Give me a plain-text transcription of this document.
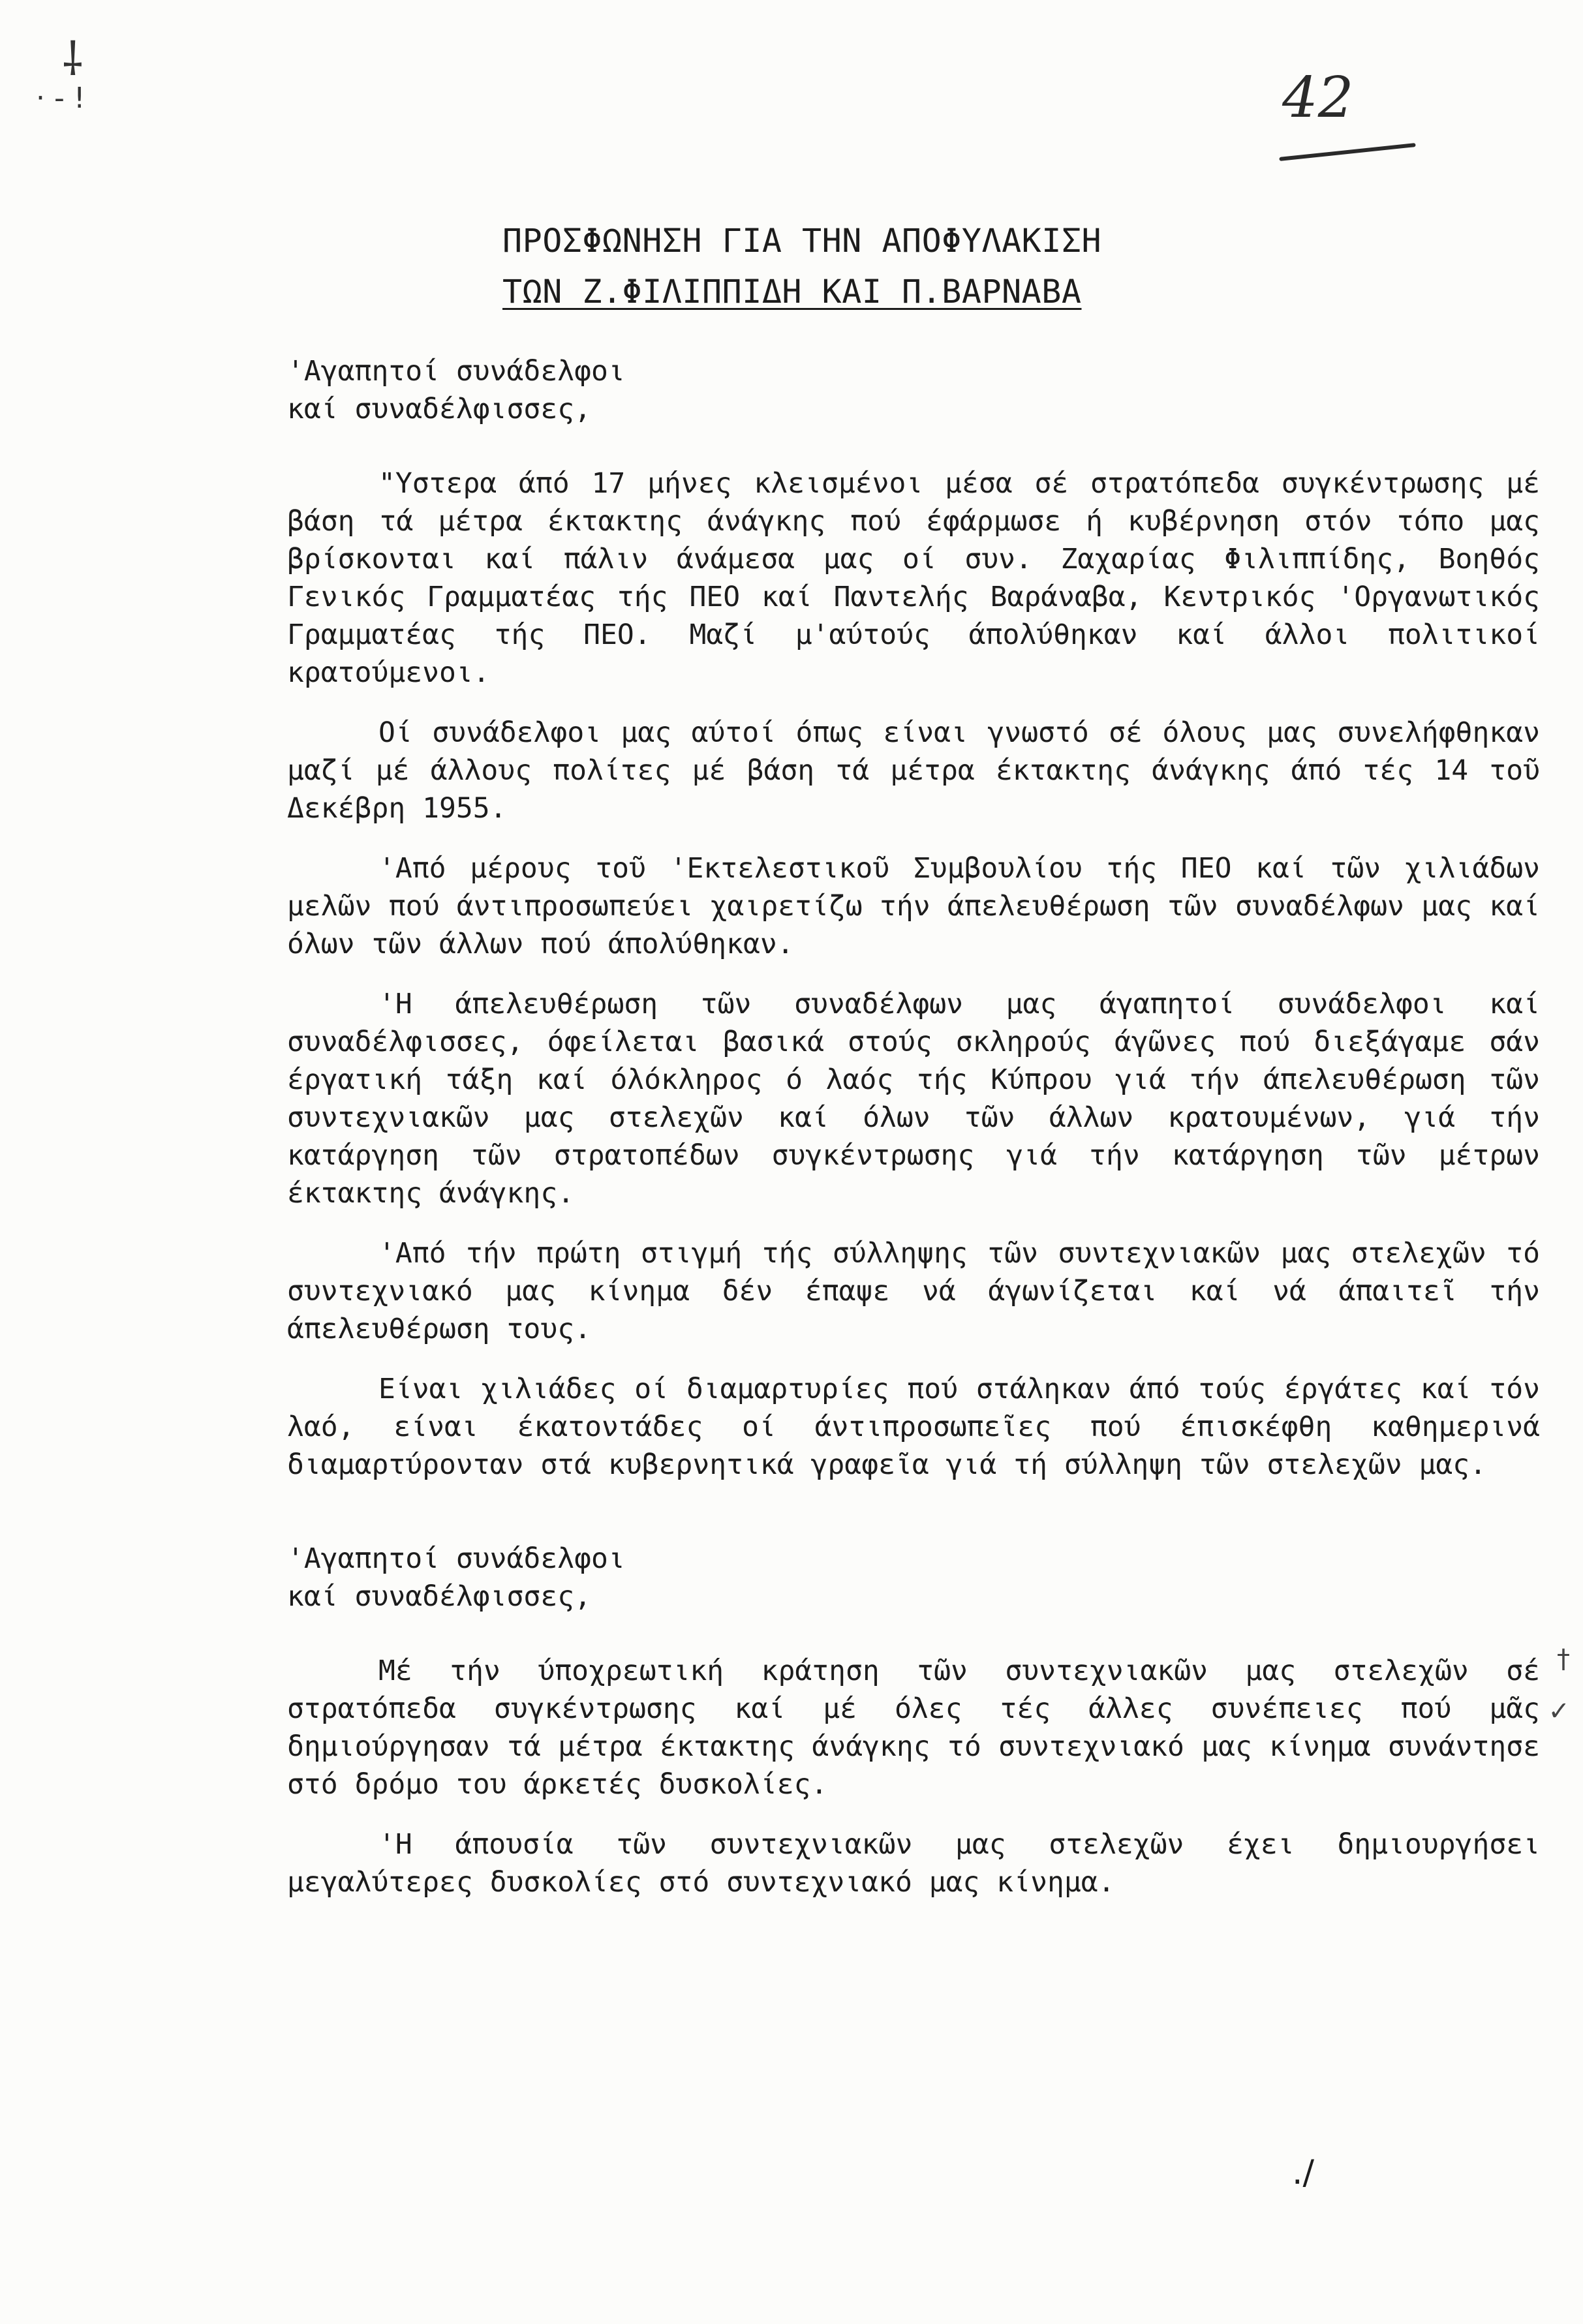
⸸
· - !	42
ΠΡΟΣΦΩΝΗΣΗ ΓΙΑ ΤΗΝ ΑΠΟΦΥΛΑΚΙΣΗ
ΤΩΝ Ζ.ΦΙΛΙΠΠΙΔΗ ΚΑΙ Π.ΒΑΡΝΑΒΑ

'Αγαπητοί συνάδελφοι

καί συναδέλφισσες,

"Υστερα άπό 17 μήνες κλεισμένοι μέσα σέ στρατόπεδα συγκέντρωσης μέ βάση τά μέτρα έκτακτης άνάγκης πού έφάρμωσε ή κυβέρνηση στόν τόπο μας βρίσκονται καί πάλιν άνάμεσα μας οί συν. Ζαχαρίας Φιλιππίδης, Βοηθός Γενικός Γραμματέας τής ΠΕΟ καί Παντελής Βαράναβα, Κεντρικός 'Οργανωτικός Γραμματέας τής ΠΕΟ. Μαζί μ'αύτούς άπολύθηκαν καί άλλοι πολιτικοί κρατούμενοι.

Οί συνάδελφοι μας αύτοί όπως είναι γνωστό σέ όλους μας συνελήφθηκαν μαζί μέ άλλους πολίτες μέ βάση τά μέτρα έκτακτης άνάγκης άπό τές 14 τοῦ Δεκέβρη 1955.

'Από μέρους τοῦ 'Εκτελεστικοῦ Συμβουλίου τής ΠΕΟ καί τῶν χιλιάδων μελῶν πού άντιπροσωπεύει χαιρετίζω τήν άπελευθέρωση τῶν συναδέλφων μας καί όλων τῶν άλλων πού άπολύθηκαν.

'Η άπελευθέρωση τῶν συναδέλφων μας άγαπητοί συνάδελφοι καί συναδέλφισσες, όφείλεται βασικά στούς σκληρούς άγῶνες πού διεξάγαμε σάν έργατική τάξη καί όλόκληρος ό λαός τής Κύπρου γιά τήν άπελευθέρωση τῶν συντεχνιακῶν μας στελεχῶν καί όλων τῶν άλλων κρατουμένων, γιά τήν κατάργηση τῶν στρατοπέδων συγκέντρωσης γιά τήν κατάργηση τῶν μέτρων έκτακτης άνάγκης.

'Από τήν πρώτη στιγμή τής σύλληψης τῶν συντεχνιακῶν μας στελεχῶν τό συντεχνιακό μας κίνημα δέν έπαψε νά άγωνίζεται καί νά άπαιτεῖ τήν άπελευθέρωση τους.

Είναι χιλιάδες οί διαμαρτυρίες πού στάληκαν άπό τούς έργάτες καί τόν λαό, είναι έκατοντάδες οί άντιπροσωπεῖες πού έπισκέφθη καθημερινά διαμαρτύρονταν στά κυβερνητικά γραφεῖα γιά τή σύλληψη τῶν στελεχῶν μας.

'Αγαπητοί συνάδελφοι

καί συναδέλφισσες,

Μέ τήν ύποχρεωτική κράτηση τῶν συντεχνιακῶν μας στελεχῶν σέ στρατόπεδα συγκέντρωσης καί μέ όλες τές άλλες συνέπειες πού μᾶς δημιούργησαν τά μέτρα έκτακτης άνάγκης τό συντεχνιακό μας κίνημα συνάντησε στό δρόμο του άρκετές δυσκολίες.

'Η άπουσία τῶν συντεχνιακῶν μας στελεχῶν έχει δημιουργήσει μεγαλύτερες δυσκολίες στό συντεχνιακό μας κίνημα.

†
✓
./
